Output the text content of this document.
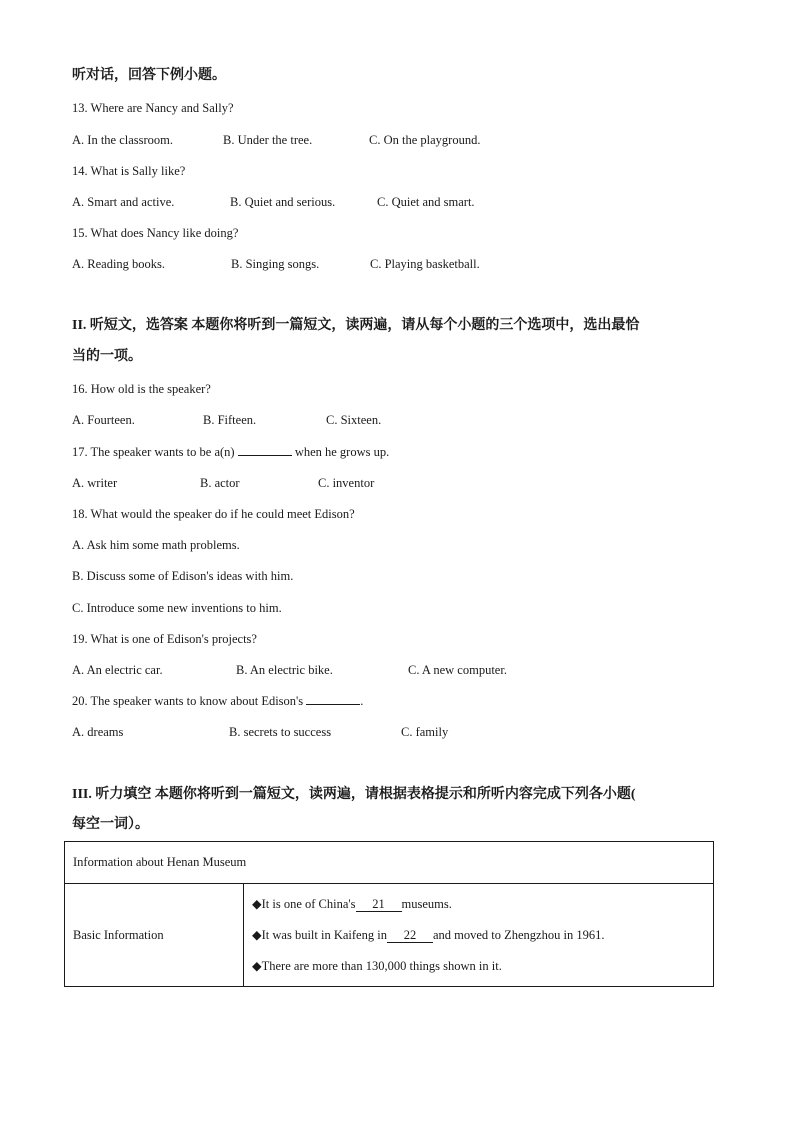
听对话，回答下例小题。
13. Where are Nancy and Sally?
A. In the classroom.	B. Under the tree.	C. On the playground.
14. What is Sally like?
A. Smart and active.	B. Quiet and serious.	C. Quiet and smart.
15. What does Nancy like doing?
A. Reading books.	B. Singing songs.	C. Playing basketball.
II. 听短文，选答案 本题你将听到一篇短文，读两遍，请从每个小题的三个选项中，选出最恰
当的一项。
16. How old is the speaker?
A. Fourteen.	B. Fifteen.	C. Sixteen.
17. The speaker wants to be a(n)	when he grows up.
A. writer	B. actor	C. inventor
18. What would the speaker do if he could meet Edison?
A. Ask him some math problems.
B. Discuss some of Edison's ideas with him.
C. Introduce some new inventions to him.
19. What is one of Edison's projects?
A. An electric car.	B. An electric bike.	C. A new computer.
20. The speaker wants to know about Edison's	.
A. dreams	B. secrets to success	C. family
III. 听力填空 本题你将听到一篇短文，读两遍，请根据表格提示和所听内容完成下列各小题(
每空一词）。
Information about Henan Museum
Basic Information	
◆It is one of China's 21 museums.
◆It was built in Kaifeng in 22 and moved to Zhengzhou in 1961.
◆There are more than 130,000 things shown in it.
